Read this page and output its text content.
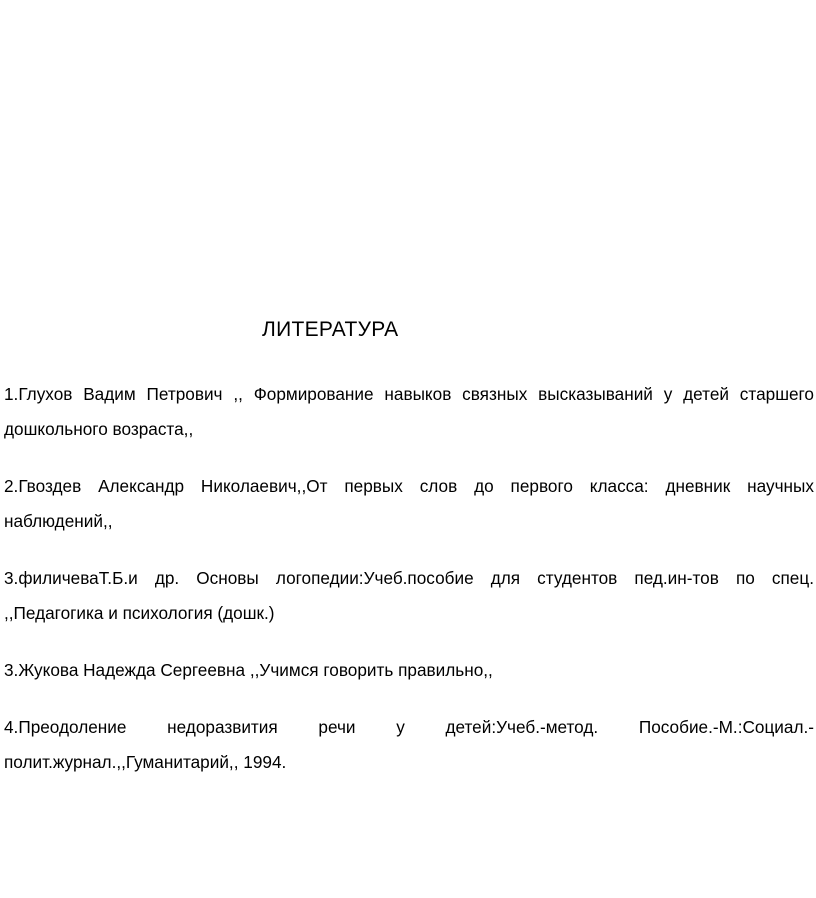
ЛИТЕРАТУРА

1.Глухов Вадим Петрович ,, Формирование навыков связных высказываний у детей старшего дошкольного возраста,,

2.Гвоздев Александр Николаевич,,От первых слов до первого класса: дневник научных наблюдений,,

3.филичеваТ.Б.и др. Основы логопедии:Учеб.пособие для студентов пед.ин-тов по спец. ,,Педагогика и психология (дошк.)

3.Жукова Надежда Сергеевна ,,Учимся говорить правильно,,

4.Преодоление недоразвития речи у детей:Учеб.-метод. Пособие.-М.:Социал.-полит.журнал.,,Гуманитарий,, 1994.
